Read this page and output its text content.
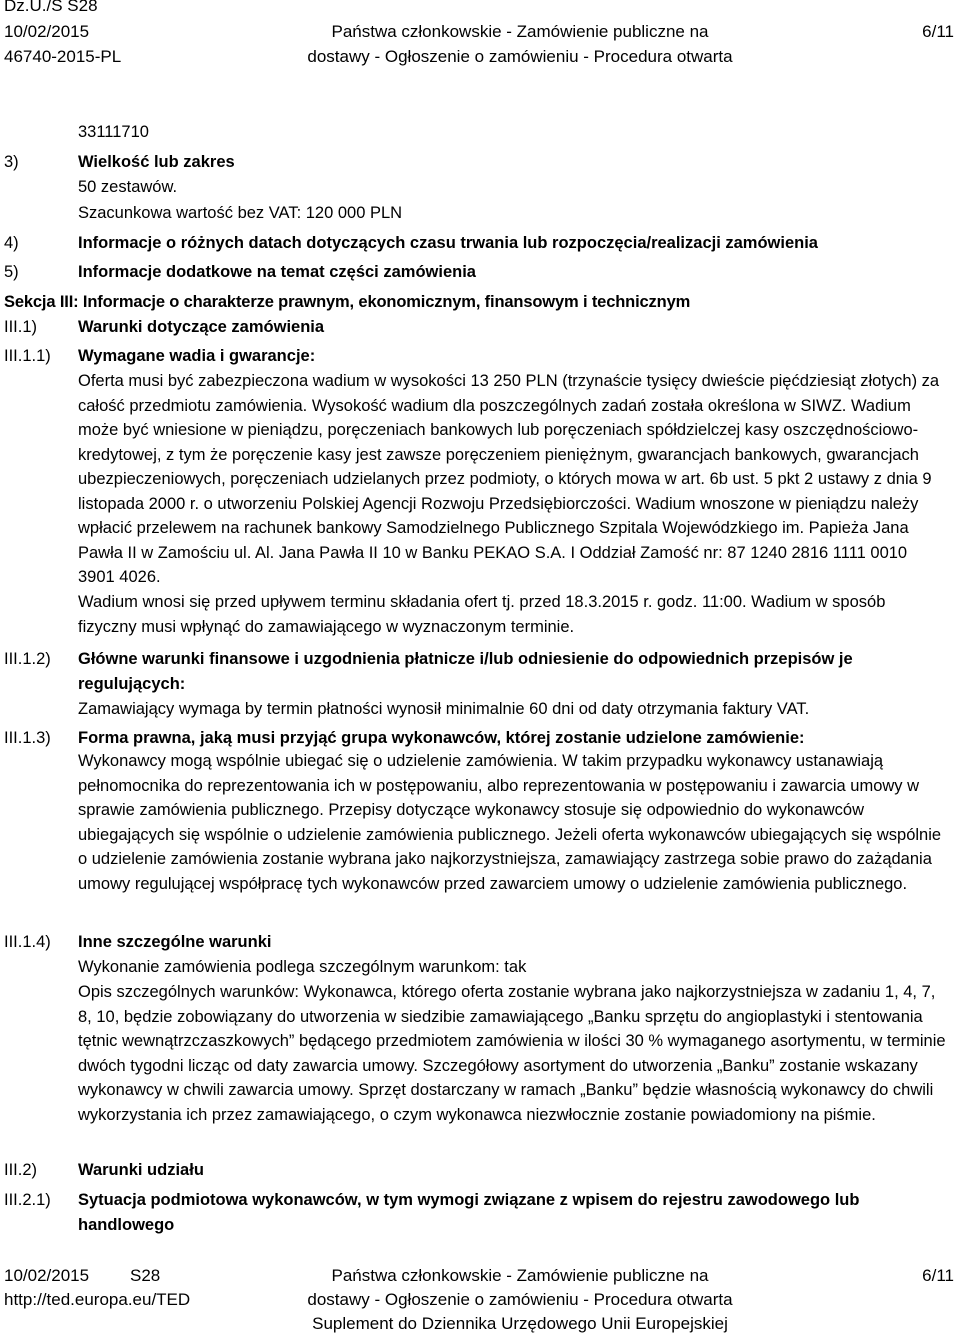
Dz.U./S S28
10/02/2015
46740-2015-PL
Państwa członkowskie - Zamówienie publiczne na
dostawy - Ogłoszenie o zamówieniu - Procedura otwarta
6/11
33111710
3)	Wielkość lub zakres
50 zestawów.
Szacunkowa wartość bez VAT: 120 000 PLN
4)	Informacje o różnych datach dotyczących czasu trwania lub rozpoczęcia/realizacji zamówienia
5)	Informacje dodatkowe na temat części zamówienia
Sekcja III: Informacje o charakterze prawnym, ekonomicznym, finansowym i technicznym
III.1) Warunki dotyczące zamówienia
III.1.1) Wymagane wadia i gwarancje:
Oferta musi być zabezpieczona wadium w wysokości 13 250 PLN (trzynaście tysięcy dwieście pięćdziesiąt złotych) za całość przedmiotu zamówienia. Wysokość wadium dla poszczególnych zadań została określona w SIWZ. Wadium może być wniesione w pieniądzu, poręczeniach bankowych lub poręczeniach spółdzielczej kasy oszczędnościowo-kredytowej, z tym że poręczenie kasy jest zawsze poręczeniem pieniężnym, gwarancjach bankowych, gwarancjach ubezpieczeniowych, poręczeniach udzielanych przez podmioty, o których mowa w art. 6b ust. 5 pkt 2 ustawy z dnia 9 listopada 2000 r. o utworzeniu Polskiej Agencji Rozwoju Przedsiębiorczości. Wadium wnoszone w pieniądzu należy wpłacić przelewem na rachunek bankowy Samodzielnego Publicznego Szpitala Wojewódzkiego im. Papieża Jana Pawła II w Zamościu ul. Al. Jana Pawła II 10 w Banku PEKAO S.A. I Oddział Zamość nr: 87 1240 2816 1111 0010 3901 4026.
Wadium wnosi się przed upływem terminu składania ofert tj. przed 18.3.2015 r. godz. 11:00. Wadium w sposób fizyczny musi wpłynąć do zamawiającego w wyznaczonym terminie.
III.1.2) Główne warunki finansowe i uzgodnienia płatnicze i/lub odniesienie do odpowiednich przepisów je regulujących:
Zamawiający wymaga by termin płatności wynosił minimalnie 60 dni od daty otrzymania faktury VAT.
III.1.3) Forma prawna, jaką musi przyjąć grupa wykonawców, której zostanie udzielone zamówienie:
Wykonawcy mogą wspólnie ubiegać się o udzielenie zamówienia. W takim przypadku wykonawcy ustanawiają pełnomocnika do reprezentowania ich w postępowaniu, albo reprezentowania w postępowaniu i zawarcia umowy w sprawie zamówienia publicznego. Przepisy dotyczące wykonawcy stosuje się odpowiednio do wykonawców ubiegających się wspólnie o udzielenie zamówienia publicznego. Jeżeli oferta wykonawców ubiegających się wspólnie o udzielenie zamówienia zostanie wybrana jako najkorzystniejsza, zamawiający zastrzega sobie prawo do zażądania umowy regulującej współpracę tych wykonawców przed zawarciem umowy o udzielenie zamówienia publicznego.
III.1.4) Inne szczególne warunki
Wykonanie zamówienia podlega szczególnym warunkom: tak
Opis szczególnych warunków: Wykonawca, którego oferta zostanie wybrana jako najkorzystniejsza w zadaniu 1, 4, 7, 8, 10, będzie zobowiązany do utworzenia w siedzibie zamawiającego „Banku sprzętu do angioplastyki i stentowania tętnic wewnątrzczaszkowych” będącego przedmiotem zamówienia w ilości 30 % wymaganego asortymentu, w terminie dwóch tygodni licząc od daty zawarcia umowy. Szczegółowy asortyment do utworzenia „Banku” zostanie wskazany wykonawcy w chwili zawarcia umowy. Sprzęt dostarczany w ramach „Banku” będzie własnością wykonawcy do chwili wykorzystania ich przez zamawiającego, o czym wykonawca niezwłocznie zostanie powiadomiony na piśmie.
III.2) Warunki udziału
III.2.1) Sytuacja podmiotowa wykonawców, w tym wymogi związane z wpisem do rejestru zawodowego lub handlowego
10/02/2015 S28
http://ted.europa.eu/TED
Państwa członkowskie - Zamówienie publiczne na
dostawy - Ogłoszenie o zamówieniu - Procedura otwarta
Suplement do Dziennika Urzędowego Unii Europejskiej
6/11
